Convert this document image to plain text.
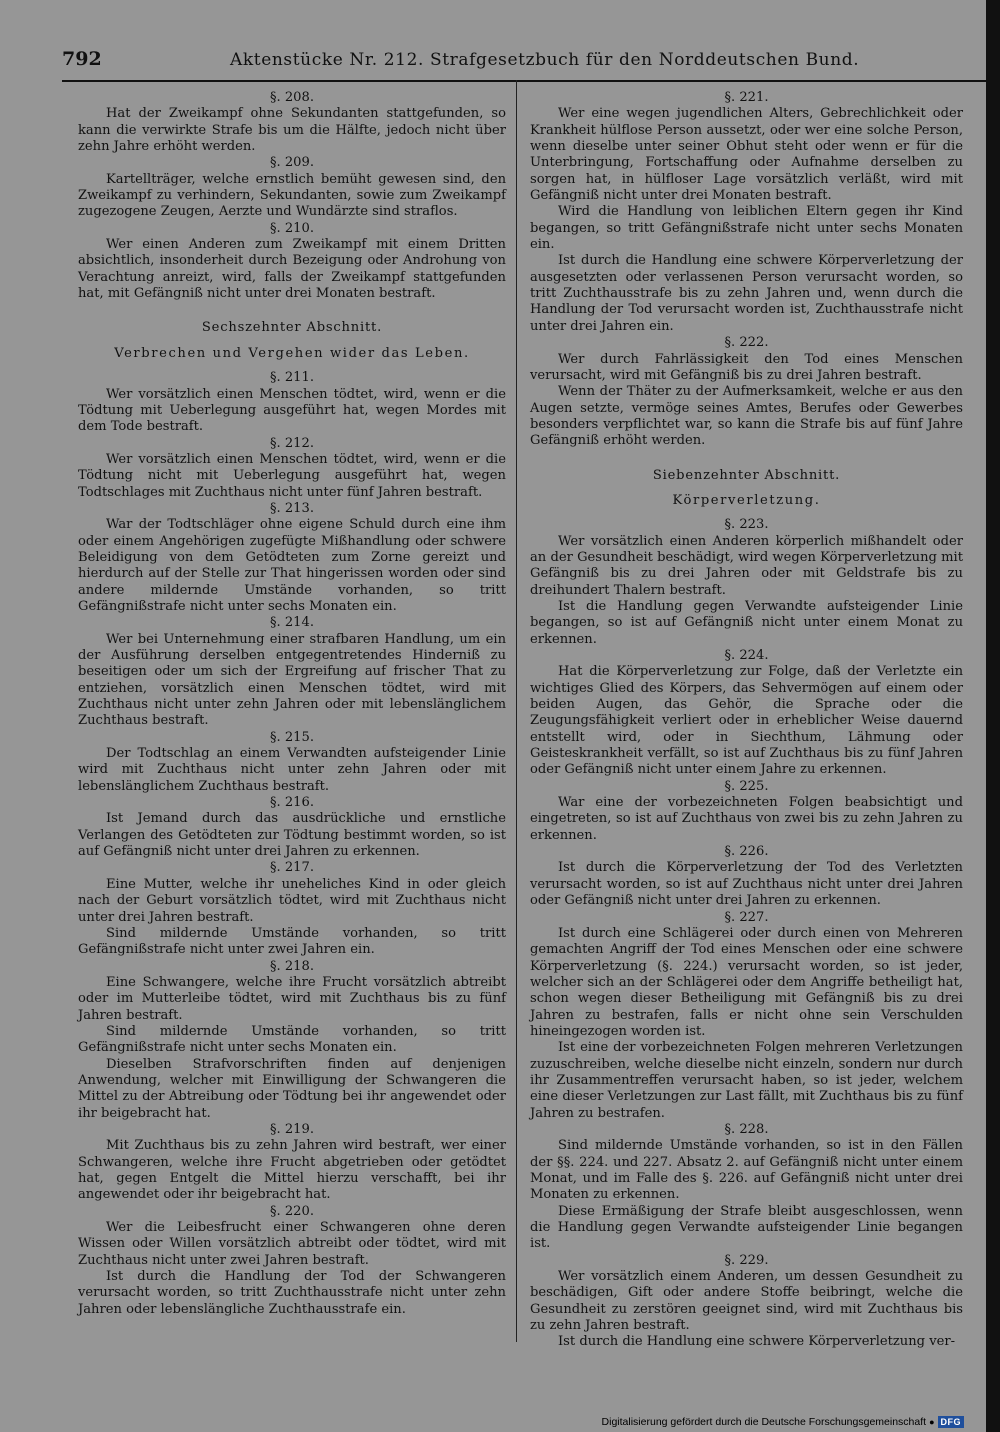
792	Aktenstücke Nr. 212. Strafgesetzbuch für den Norddeutschen Bund.
§. 208.
Hat der Zweikampf ohne Sekundanten stattgefunden, so kann die verwirkte Strafe bis um die Hälfte, jedoch nicht über zehn Jahre erhöht werden.
§. 209.
Kartellträger, welche ernstlich bemüht gewesen sind, den Zweikampf zu verhindern, Sekundanten, sowie zum Zweikampf zugezogene Zeugen, Aerzte und Wundärzte sind straflos.
§. 210.
Wer einen Anderen zum Zweikampf mit einem Dritten absichtlich, insonderheit durch Bezeigung oder Androhung von Verachtung anreizt, wird, falls der Zweikampf stattgefunden hat, mit Gefängniß nicht unter drei Monaten bestraft.
Sechszehnter Abschnitt.
Verbrechen und Vergehen wider das Leben.
§. 211.
Wer vorsätzlich einen Menschen tödtet, wird, wenn er die Tödtung mit Ueberlegung ausgeführt hat, wegen Mordes mit dem Tode bestraft.
§. 212.
Wer vorsätzlich einen Menschen tödtet, wird, wenn er die Tödtung nicht mit Ueberlegung ausgeführt hat, wegen Todtschlages mit Zuchthaus nicht unter fünf Jahren bestraft.
§. 213.
War der Todtschläger ohne eigene Schuld durch eine ihm oder einem Angehörigen zugefügte Mißhandlung oder schwere Beleidigung von dem Getödteten zum Zorne gereizt und hierdurch auf der Stelle zur That hingerissen worden oder sind andere mildernde Umstände vorhanden, so tritt Gefängnißstrafe nicht unter sechs Monaten ein.
§. 214.
Wer bei Unternehmung einer strafbaren Handlung, um ein der Ausführung derselben entgegentretendes Hinderniß zu beseitigen oder um sich der Ergreifung auf frischer That zu entziehen, vorsätzlich einen Menschen tödtet, wird mit Zuchthaus nicht unter zehn Jahren oder mit lebenslänglichem Zuchthaus bestraft.
§. 215.
Der Todtschlag an einem Verwandten aufsteigender Linie wird mit Zuchthaus nicht unter zehn Jahren oder mit lebenslänglichem Zuchthaus bestraft.
§. 216.
Ist Jemand durch das ausdrückliche und ernstliche Verlangen des Getödteten zur Tödtung bestimmt worden, so ist auf Gefängniß nicht unter drei Jahren zu erkennen.
§. 217.
Eine Mutter, welche ihr uneheliches Kind in oder gleich nach der Geburt vorsätzlich tödtet, wird mit Zuchthaus nicht unter drei Jahren bestraft.
Sind mildernde Umstände vorhanden, so tritt Gefängnißstrafe nicht unter zwei Jahren ein.
§. 218.
Eine Schwangere, welche ihre Frucht vorsätzlich abtreibt oder im Mutterleibe tödtet, wird mit Zuchthaus bis zu fünf Jahren bestraft.
Sind mildernde Umstände vorhanden, so tritt Gefängnißstrafe nicht unter sechs Monaten ein.
Dieselben Strafvorschriften finden auf denjenigen Anwendung, welcher mit Einwilligung der Schwangeren die Mittel zu der Abtreibung oder Tödtung bei ihr angewendet oder ihr beigebracht hat.
§. 219.
Mit Zuchthaus bis zu zehn Jahren wird bestraft, wer einer Schwangeren, welche ihre Frucht abgetrieben oder getödtet hat, gegen Entgelt die Mittel hierzu verschafft, bei ihr angewendet oder ihr beigebracht hat.
§. 220.
Wer die Leibesfrucht einer Schwangeren ohne deren Wissen oder Willen vorsätzlich abtreibt oder tödtet, wird mit Zuchthaus nicht unter zwei Jahren bestraft.
Ist durch die Handlung der Tod der Schwangeren verursacht worden, so tritt Zuchthausstrafe nicht unter zehn Jahren oder lebenslängliche Zuchthausstrafe ein.
§. 221.
Wer eine wegen jugendlichen Alters, Gebrechlichkeit oder Krankheit hülflose Person aussetzt, oder wer eine solche Person, wenn dieselbe unter seiner Obhut steht oder wenn er für die Unterbringung, Fortschaffung oder Aufnahme derselben zu sorgen hat, in hülfloser Lage vorsätzlich verläßt, wird mit Gefängniß nicht unter drei Monaten bestraft.
Wird die Handlung von leiblichen Eltern gegen ihr Kind begangen, so tritt Gefängnißstrafe nicht unter sechs Monaten ein.
Ist durch die Handlung eine schwere Körperverletzung der ausgesetzten oder verlassenen Person verursacht worden, so tritt Zuchthausstrafe bis zu zehn Jahren und, wenn durch die Handlung der Tod verursacht worden ist, Zuchthausstrafe nicht unter drei Jahren ein.
§. 222.
Wer durch Fahrlässigkeit den Tod eines Menschen verursacht, wird mit Gefängniß bis zu drei Jahren bestraft.
Wenn der Thäter zu der Aufmerksamkeit, welche er aus den Augen setzte, vermöge seines Amtes, Berufes oder Gewerbes besonders verpflichtet war, so kann die Strafe bis auf fünf Jahre Gefängniß erhöht werden.
Siebenzehnter Abschnitt.
Körperverletzung.
§. 223.
Wer vorsätzlich einen Anderen körperlich mißhandelt oder an der Gesundheit beschädigt, wird wegen Körperverletzung mit Gefängniß bis zu drei Jahren oder mit Geldstrafe bis zu dreihundert Thalern bestraft.
Ist die Handlung gegen Verwandte aufsteigender Linie begangen, so ist auf Gefängniß nicht unter einem Monat zu erkennen.
§. 224.
Hat die Körperverletzung zur Folge, daß der Verletzte ein wichtiges Glied des Körpers, das Sehvermögen auf einem oder beiden Augen, das Gehör, die Sprache oder die Zeugungsfähigkeit verliert oder in erheblicher Weise dauernd entstellt wird, oder in Siechthum, Lähmung oder Geisteskrankheit verfällt, so ist auf Zuchthaus bis zu fünf Jahren oder Gefängniß nicht unter einem Jahre zu erkennen.
§. 225.
War eine der vorbezeichneten Folgen beabsichtigt und eingetreten, so ist auf Zuchthaus von zwei bis zu zehn Jahren zu erkennen.
§. 226.
Ist durch die Körperverletzung der Tod des Verletzten verursacht worden, so ist auf Zuchthaus nicht unter drei Jahren oder Gefängniß nicht unter drei Jahren zu erkennen.
§. 227.
Ist durch eine Schlägerei oder durch einen von Mehreren gemachten Angriff der Tod eines Menschen oder eine schwere Körperverletzung (§. 224.) verursacht worden, so ist jeder, welcher sich an der Schlägerei oder dem Angriffe betheiligt hat, schon wegen dieser Betheiligung mit Gefängniß bis zu drei Jahren zu bestrafen, falls er nicht ohne sein Verschulden hineingezogen worden ist.
Ist eine der vorbezeichneten Folgen mehreren Verletzungen zuzuschreiben, welche dieselbe nicht einzeln, sondern nur durch ihr Zusammentreffen verursacht haben, so ist jeder, welchem eine dieser Verletzungen zur Last fällt, mit Zuchthaus bis zu fünf Jahren zu bestrafen.
§. 228.
Sind mildernde Umstände vorhanden, so ist in den Fällen der §§. 224. und 227. Absatz 2. auf Gefängniß nicht unter einem Monat, und im Falle des §. 226. auf Gefängniß nicht unter drei Monaten zu erkennen.
Diese Ermäßigung der Strafe bleibt ausgeschlossen, wenn die Handlung gegen Verwandte aufsteigender Linie begangen ist.
§. 229.
Wer vorsätzlich einem Anderen, um dessen Gesundheit zu beschädigen, Gift oder andere Stoffe beibringt, welche die Gesundheit zu zerstören geeignet sind, wird mit Zuchthaus bis zu zehn Jahren bestraft.
Ist durch die Handlung eine schwere Körperverletzung ver-
Digitalisierung gefördert durch die Deutsche Forschungsgemeinschaft ● DFG
